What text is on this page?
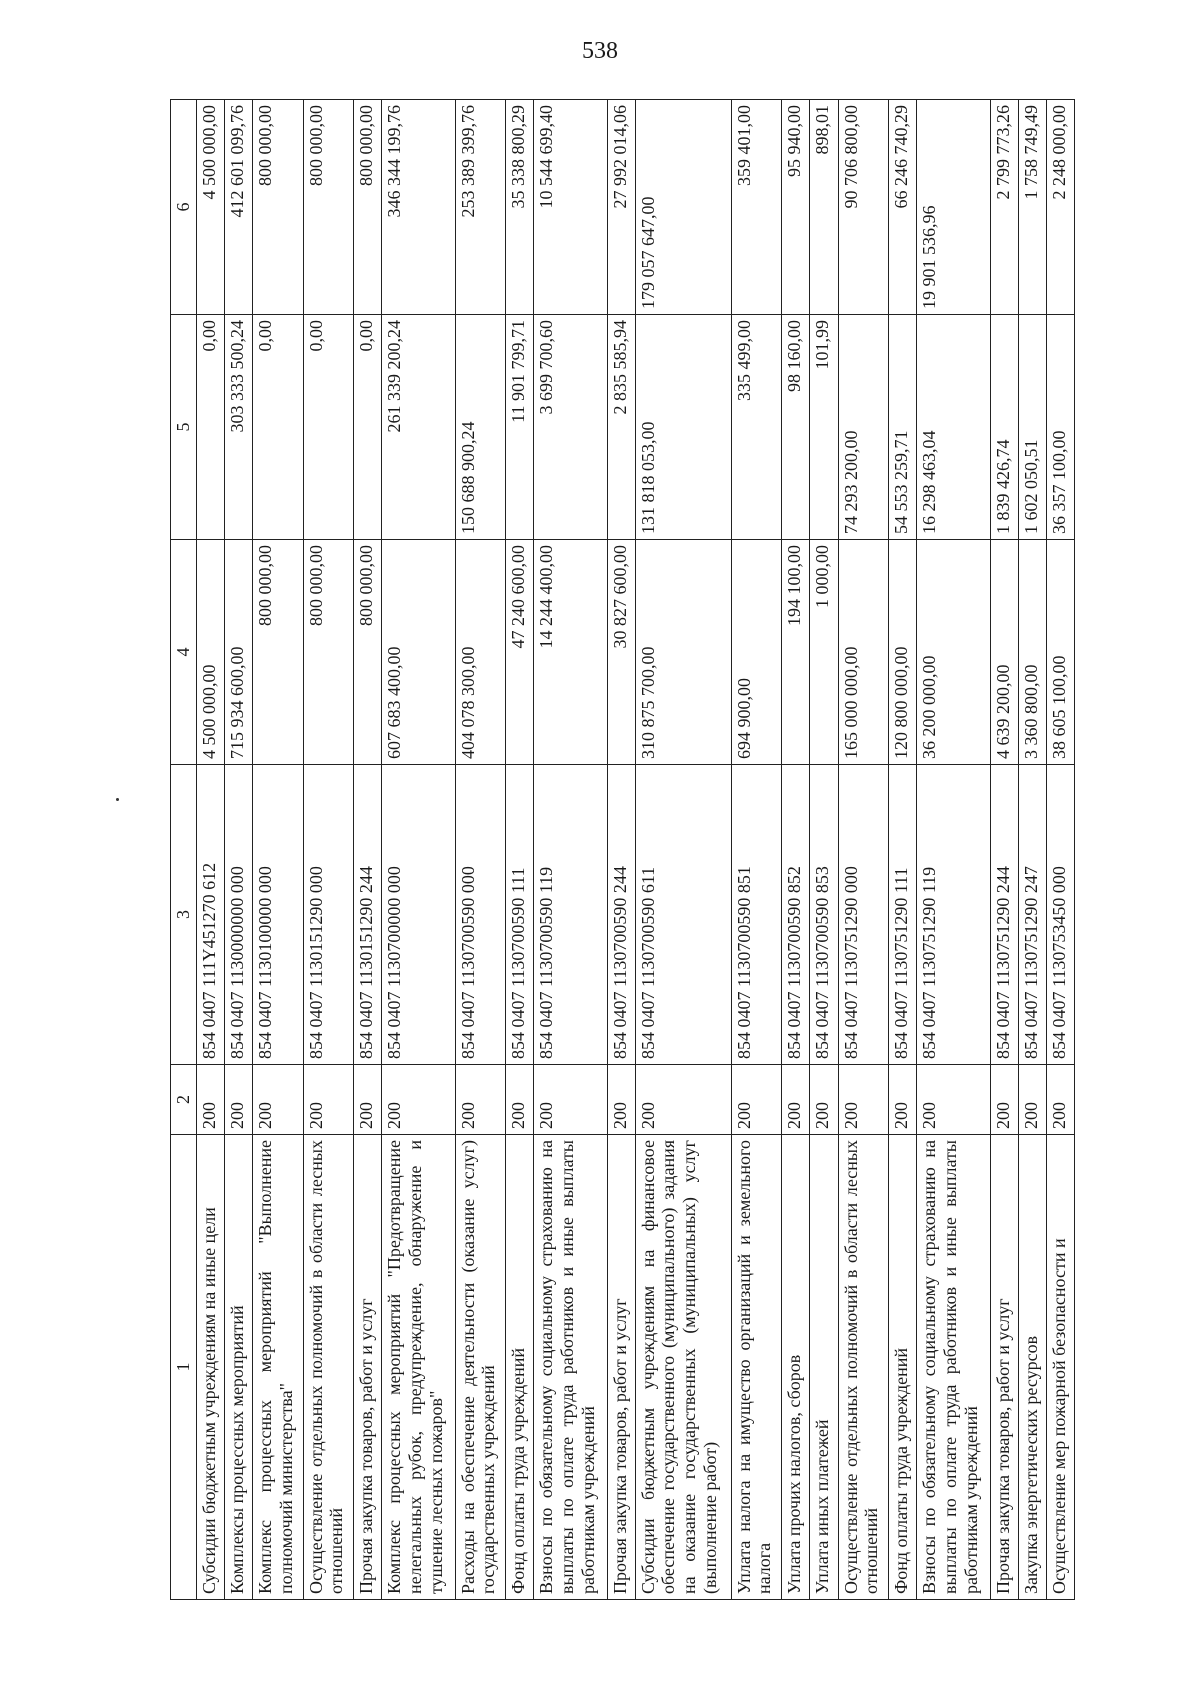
538
1	2	3	4	5	6
Субсидии бюджетным учреждениям на иные цели	200	854 0407 111Y451270 612	4 500 000,00	0,00	4 500 000,00
Комплексы процессных мероприятий	200	854 0407 1130000000 000	715 934 600,00	303 333 500,24	412 601 099,76
Комплекс процессных мероприятий "Выполнение полномочий министерства"	200	854 0407 1130100000 000	800 000,00	0,00	800 000,00
Осуществление отдельных полномочий в области лесных отношений	200	854 0407 1130151290 000	800 000,00	0,00	800 000,00
Прочая закупка товаров, работ и услуг	200	854 0407 1130151290 244	800 000,00	0,00	800 000,00
Комплекс процессных мероприятий "Предотвращение нелегальных рубок, предупреждение, обнаружение и тушение лесных пожаров"	200	854 0407 1130700000 000	607 683 400,00	261 339 200,24	346 344 199,76
Расходы на обеспечение деятельности (оказание услуг) государственных учреждений	200	854 0407 1130700590 000	404 078 300,00	150 688 900,24	253 389 399,76
Фонд оплаты труда учреждений	200	854 0407 1130700590 111	47 240 600,00	11 901 799,71	35 338 800,29
Взносы по обязательному социальному страхованию на выплаты по оплате труда работников и иные выплаты работникам учреждений	200	854 0407 1130700590 119	14 244 400,00	3 699 700,60	10 544 699,40
Прочая закупка товаров, работ и услуг	200	854 0407 1130700590 244	30 827 600,00	2 835 585,94	27 992 014,06
Субсидии бюджетным учреждениям на финансовое обеспечение государственного (муниципального) задания на оказание государственных (муниципальных) услуг (выполнение работ)	200	854 0407 1130700590 611	310 875 700,00	131 818 053,00	179 057 647,00
Уплата налога на имущество организаций и земельного налога	200	854 0407 1130700590 851	694 900,00	335 499,00	359 401,00
Уплата прочих налогов, сборов	200	854 0407 1130700590 852	194 100,00	98 160,00	95 940,00
Уплата иных платежей	200	854 0407 1130700590 853	1 000,00	101,99	898,01
Осуществление отдельных полномочий в области лесных отношений	200	854 0407 1130751290 000	165 000 000,00	74 293 200,00	90 706 800,00
Фонд оплаты труда учреждений	200	854 0407 1130751290 111	120 800 000,00	54 553 259,71	66 246 740,29
Взносы по обязательному социальному страхованию на выплаты по оплате труда работников и иные выплаты работникам учреждений	200	854 0407 1130751290 119	36 200 000,00	16 298 463,04	19 901 536,96
Прочая закупка товаров, работ и услуг	200	854 0407 1130751290 244	4 639 200,00	1 839 426,74	2 799 773,26
Закупка энергетических ресурсов	200	854 0407 1130751290 247	3 360 800,00	1 602 050,51	1 758 749,49
Осуществление мер пожарной безопасности и	200	854 0407 1130753450 000	38 605 100,00	36 357 100,00	2 248 000,00
